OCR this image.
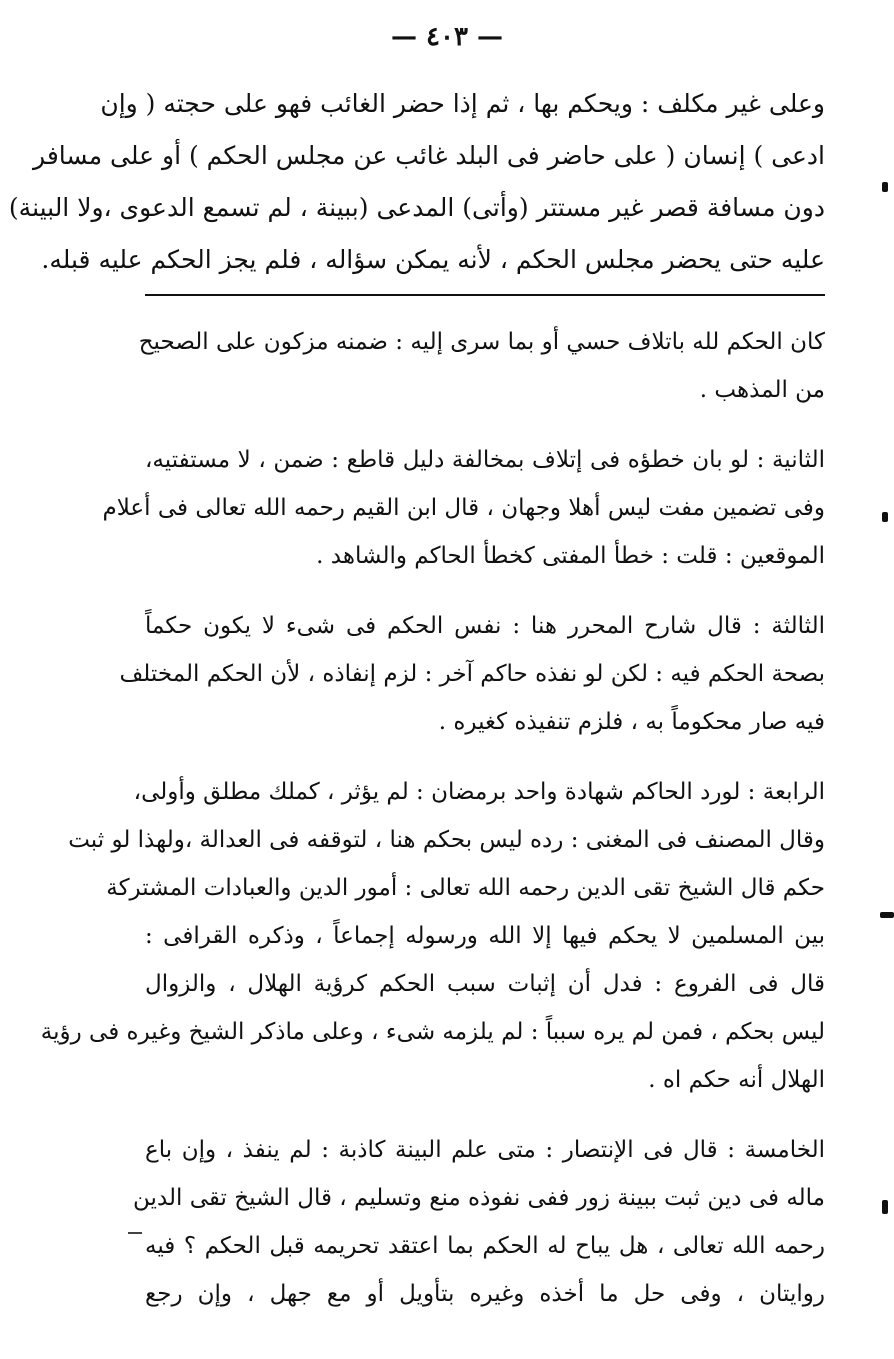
— ٤٠٣ —
وعلى غير مكلف : ويحكم بها ، ثم إذا حضر الغائب فهو على حجته ( وإن
ادعى ) إنسان ( على حاضر فى البلد غائب عن مجلس الحكم ) أو على مسافر
دون مسافة قصر غير مستتر (وأتى) المدعى (ببينة ، لم تسمع الدعوى ،ولا البينة)
عليه حتى يحضر مجلس الحكم ، لأنه يمكن سؤاله ، فلم يجز الحكم عليه قبله.
كان الحكم لله باتلاف حسي أو بما سرى إليه : ضمنه مزكون على الصحيح
من المذهب .
الثانية : لو بان خطؤه فى إتلاف بمخالفة دليل قاطع : ضمن ، لا مستفتيه،
وفى تضمين مفت ليس أهلا وجهان ، قال ابن القيم رحمه الله تعالى فى أعلام
الموقعين : قلت : خطأ المفتى كخطأ الحاكم والشاهد .
الثالثة : قال شارح المحرر هنا : نفس الحكم فى شىء لا يكون حكماً
بصحة الحكم فيه : لكن لو نفذه حاكم آخر : لزم إنفاذه ، لأن الحكم المختلف
فيه صار محكوماً به ، فلزم تنفيذه كغيره .
الرابعة : لورد الحاكم شهادة واحد برمضان : لم يؤثر ، كملك مطلق وأولى،
وقال المصنف فى المغنى : رده ليس بحكم هنا ، لتوقفه فى العدالة ،ولهذا لو ثبت
حكم قال الشيخ تقى الدين رحمه الله تعالى : أمور الدين والعبادات المشتركة
بين المسلمين لا يحكم فيها إلا الله ورسوله إجماعاً ، وذكره القرافى :
قال فى الفروع : فدل أن إثبات سبب الحكم كرؤية الهلال ، والزوال
ليس بحكم ، فمن لم يره سبباً : لم يلزمه شىء ، وعلى ماذكر الشيخ وغيره فى رؤية
الهلال أنه حكم اه .
الخامسة : قال فى الإنتصار : متى علم البينة كاذبة : لم ينفذ ، وإن باع
ماله فى دين ثبت ببينة زور ففى نفوذه منع وتسليم ، قال الشيخ تقى الدين
رحمه الله تعالى ، هل يباح له الحكم بما اعتقد تحريمه قبل الحكم ؟ فيه
روايتان ، وفى حل ما أخذه وغيره بتأويل أو مع جهل ، وإن رجع
